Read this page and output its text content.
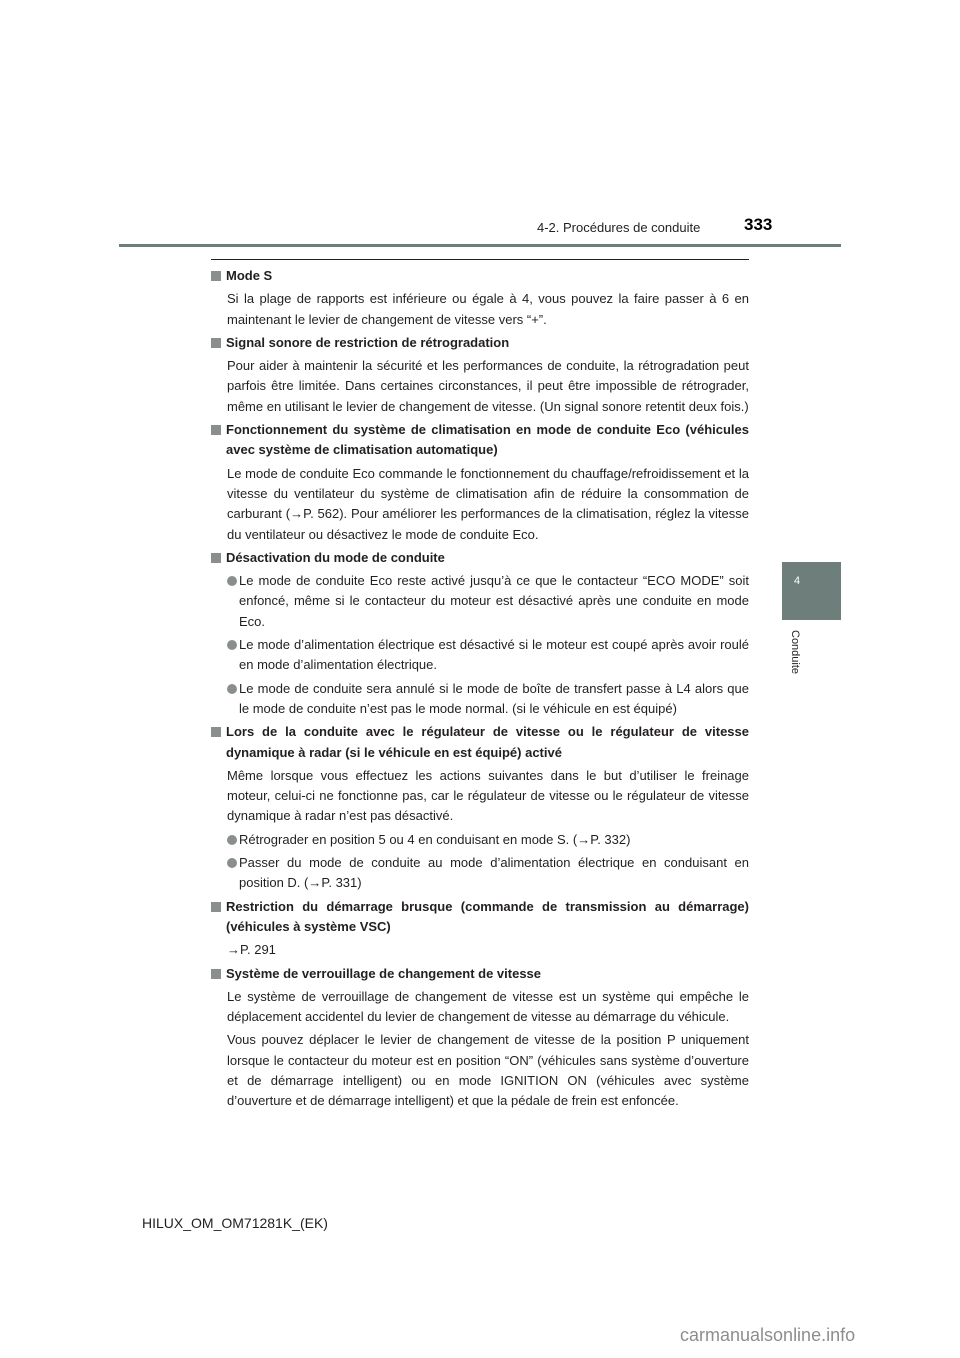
4-2. Procédures de conduite	333
4
Conduite
Mode S
Si la plage de rapports est inférieure ou égale à 4, vous pouvez la faire passer à 6 en maintenant le levier de changement de vitesse vers “+”.
Signal sonore de restriction de rétrogradation
Pour aider à maintenir la sécurité et les performances de conduite, la rétrogradation peut parfois être limitée. Dans certaines circonstances, il peut être impossible de rétrograder, même en utilisant le levier de changement de vitesse. (Un signal sonore retentit deux fois.)
Fonctionnement du système de climatisation en mode de conduite Eco (véhicules avec système de climatisation automatique)
Le mode de conduite Eco commande le fonctionnement du chauffage/refroidissement et la vitesse du ventilateur du système de climatisation afin de réduire la consommation de carburant (→P. 562). Pour améliorer les performances de la climatisation, réglez la vitesse du ventilateur ou désactivez le mode de conduite Eco.
Désactivation du mode de conduite
Le mode de conduite Eco reste activé jusqu’à ce que le contacteur “ECO MODE” soit enfoncé, même si le contacteur du moteur est désactivé après une conduite en mode Eco.
Le mode d’alimentation électrique est désactivé si le moteur est coupé après avoir roulé en mode d’alimentation électrique.
Le mode de conduite sera annulé si le mode de boîte de transfert passe à L4 alors que le mode de conduite n’est pas le mode normal. (si le véhicule en est équipé)
Lors de la conduite avec le régulateur de vitesse ou le régulateur de vitesse dynamique à radar (si le véhicule en est équipé) activé
Même lorsque vous effectuez les actions suivantes dans le but d’utiliser le freinage moteur, celui-ci ne fonctionne pas, car le régulateur de vitesse ou le régulateur de vitesse dynamique à radar n’est pas désactivé.
Rétrograder en position 5 ou 4 en conduisant en mode S. (→P. 332)
Passer du mode de conduite au mode d’alimentation électrique en conduisant en position D. (→P. 331)
Restriction du démarrage brusque (commande de transmission au démarrage) (véhicules à système VSC)
→P. 291
Système de verrouillage de changement de vitesse
Le système de verrouillage de changement de vitesse est un système qui empêche le déplacement accidentel du levier de changement de vitesse au démarrage du véhicule.
Vous pouvez déplacer le levier de changement de vitesse de la position P uniquement lorsque le contacteur du moteur est en position “ON” (véhicules sans système d’ouverture et de démarrage intelligent) ou en mode IGNITION ON (véhicules avec système d’ouverture et de démarrage intelligent) et que la pédale de frein est enfoncée.
HILUX_OM_OM71281K_(EK)
carmanualsonline.info
